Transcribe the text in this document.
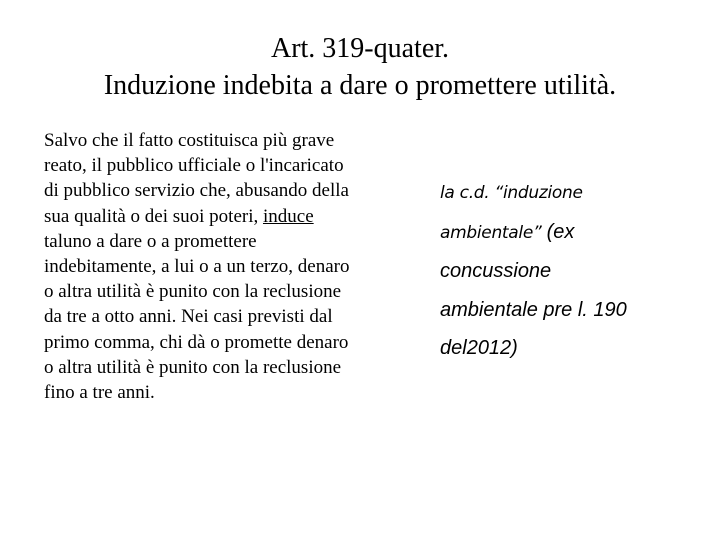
Art. 319-quater.
Induzione indebita a dare o promettere utilità.

Salvo che il fatto costituisca più grave reato, il pubblico ufficiale o l'incaricato di pubblico servizio che, abusando della sua qualità o dei suoi poteri, induce taluno a dare o a promettere indebitamente, a lui o a un terzo, denaro o altra utilità è punito con la reclusione da tre a otto anni. Nei casi previsti dal primo comma, chi dà o promette denaro o altra utilità è punito con la reclusione fino a tre anni.

la c.d. “induzione
ambientale” (ex
concussione
ambientale pre l. 190
del2012)
